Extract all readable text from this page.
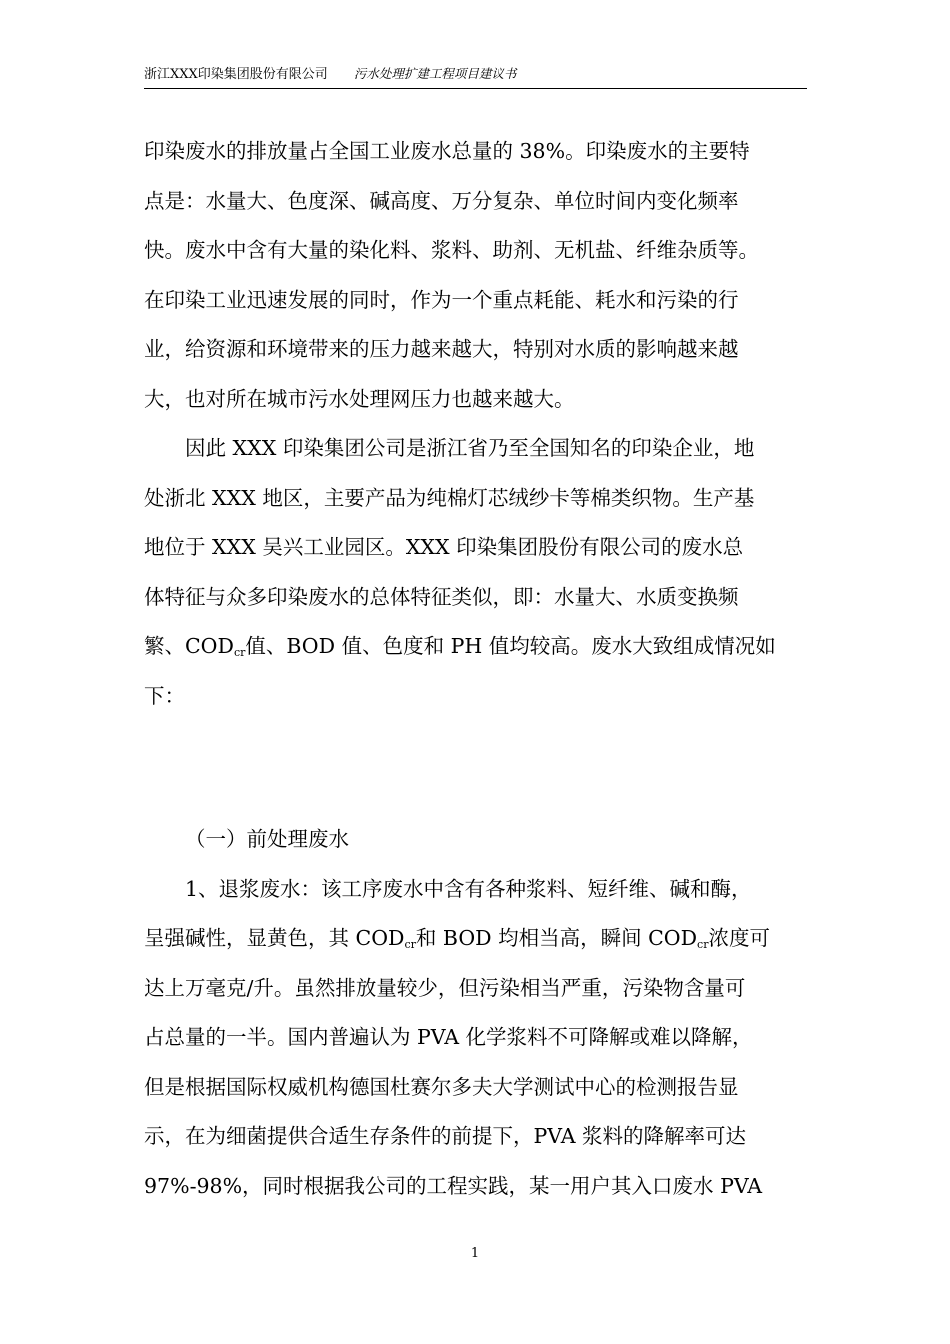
浙江XXX印染集团股份有限公司 污水处理扩建工程项目建议书
印染废水的排放量占全国工业废水总量的 38%。印染废水的主要特
点是：水量大、色度深、碱高度、万分复杂、单位时间内变化频率
快。废水中含有大量的染化料、浆料、助剂、无机盐、纤维杂质等。
在印染工业迅速发展的同时，作为一个重点耗能、耗水和污染的行
业，给资源和环境带来的压力越来越大，特别对水质的影响越来越
大，也对所在城市污水处理网压力也越来越大。
因此 XXX 印染集团公司是浙江省乃至全国知名的印染企业，地
处浙北 XXX 地区，主要产品为纯棉灯芯绒纱卡等棉类织物。生产基
地位于 XXX 吴兴工业园区。XXX 印染集团股份有限公司的废水总
体特征与众多印染废水的总体特征类似，即：水量大、水质变换频
繁、$COD_{cr}$值、BOD 值、色度和 PH 值均较高。废水大致组成情况如
下：
（一）前处理废水
1、退浆废水：该工序废水中含有各种浆料、短纤维、碱和酶，
呈强碱性，显黄色，其 $COD_{cr}$和 BOD 均相当高，瞬间 $COD_{cr}$浓度可
达上万毫克/升。虽然排放量较少，但污染相当严重，污染物含量可
占总量的一半。国内普遍认为 PVA 化学浆料不可降解或难以降解，
但是根据国际权威机构德国杜赛尔多夫大学测试中心的检测报告显
示，在为细菌提供合适生存条件的前提下，PVA 浆料的降解率可达
97%-98%，同时根据我公司的工程实践，某一用户其入口废水 PVA
1
